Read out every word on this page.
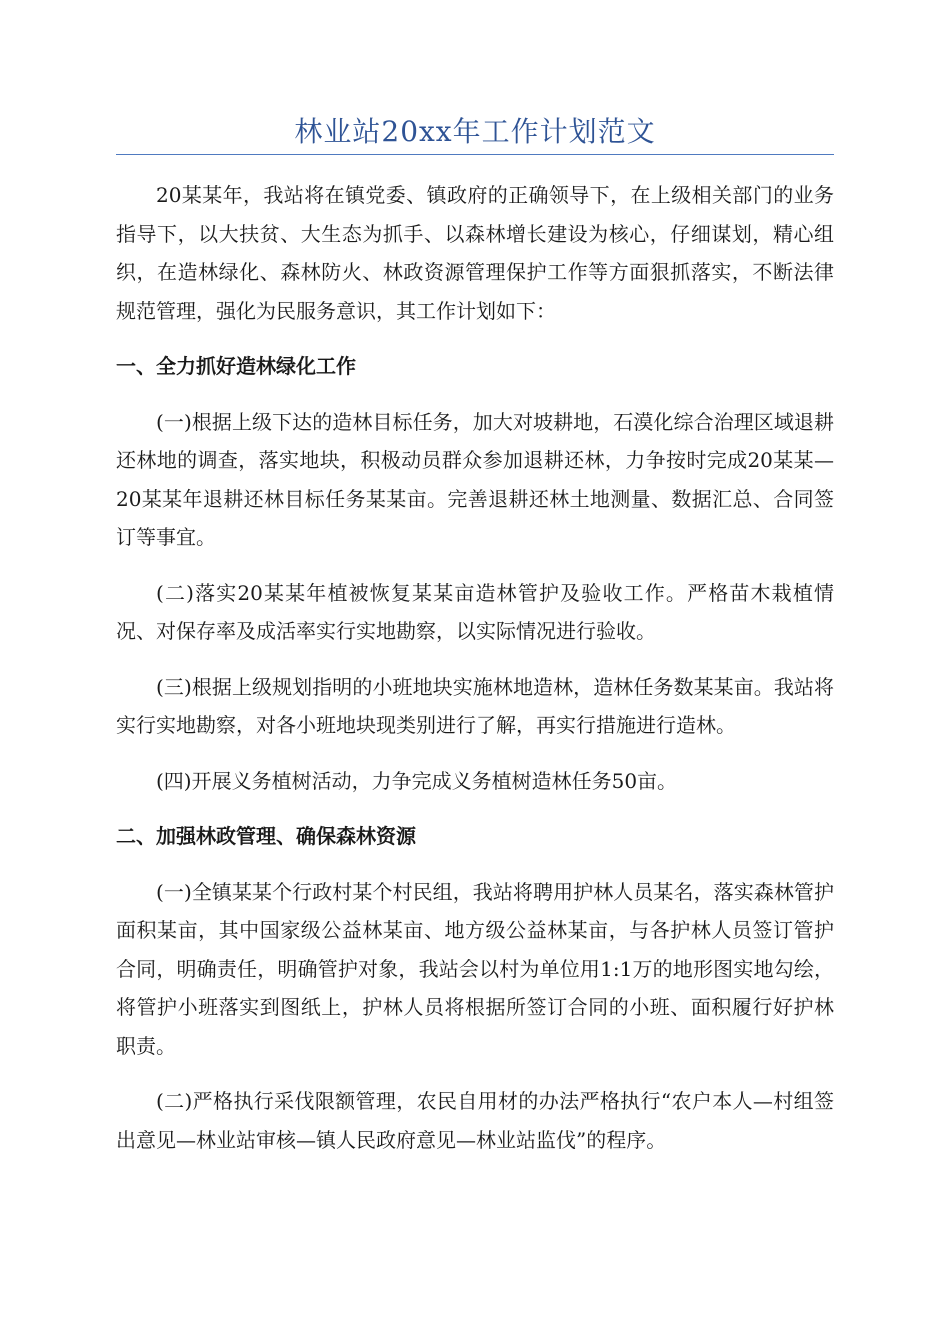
林业站20xx年工作计划范文

20某某年，我站将在镇党委、镇政府的正确领导下，在上级相关部门的业务指导下，以大扶贫、大生态为抓手、以森林增长建设为核心，仔细谋划，精心组织，在造林绿化、森林防火、林政资源管理保护工作等方面狠抓落实，不断法律规范管理，强化为民服务意识，其工作计划如下：

一、全力抓好造林绿化工作

(一)根据上级下达的造林目标任务，加大对坡耕地，石漠化综合治理区域退耕还林地的调查，落实地块，积极动员群众参加退耕还林，力争按时完成20某某—20某某年退耕还林目标任务某某亩。完善退耕还林土地测量、数据汇总、合同签订等事宜。

(二)落实20某某年植被恢复某某亩造林管护及验收工作。严格苗木栽植情况、对保存率及成活率实行实地勘察，以实际情况进行验收。

(三)根据上级规划指明的小班地块实施林地造林，造林任务数某某亩。我站将实行实地勘察，对各小班地块现类别进行了解，再实行措施进行造林。

(四)开展义务植树活动，力争完成义务植树造林任务50亩。

二、加强林政管理、确保森林资源

(一)全镇某某个行政村某个村民组，我站将聘用护林人员某名，落实森林管护面积某亩，其中国家级公益林某亩、地方级公益林某亩，与各护林人员签订管护合同，明确责任，明确管护对象，我站会以村为单位用1:1万的地形图实地勾绘，将管护小班落实到图纸上，护林人员将根据所签订合同的小班、面积履行好护林职责。

(二)严格执行采伐限额管理，农民自用材的办法严格执行“农户本人—村组签出意见—林业站审核—镇人民政府意见—林业站监伐”的程序。
